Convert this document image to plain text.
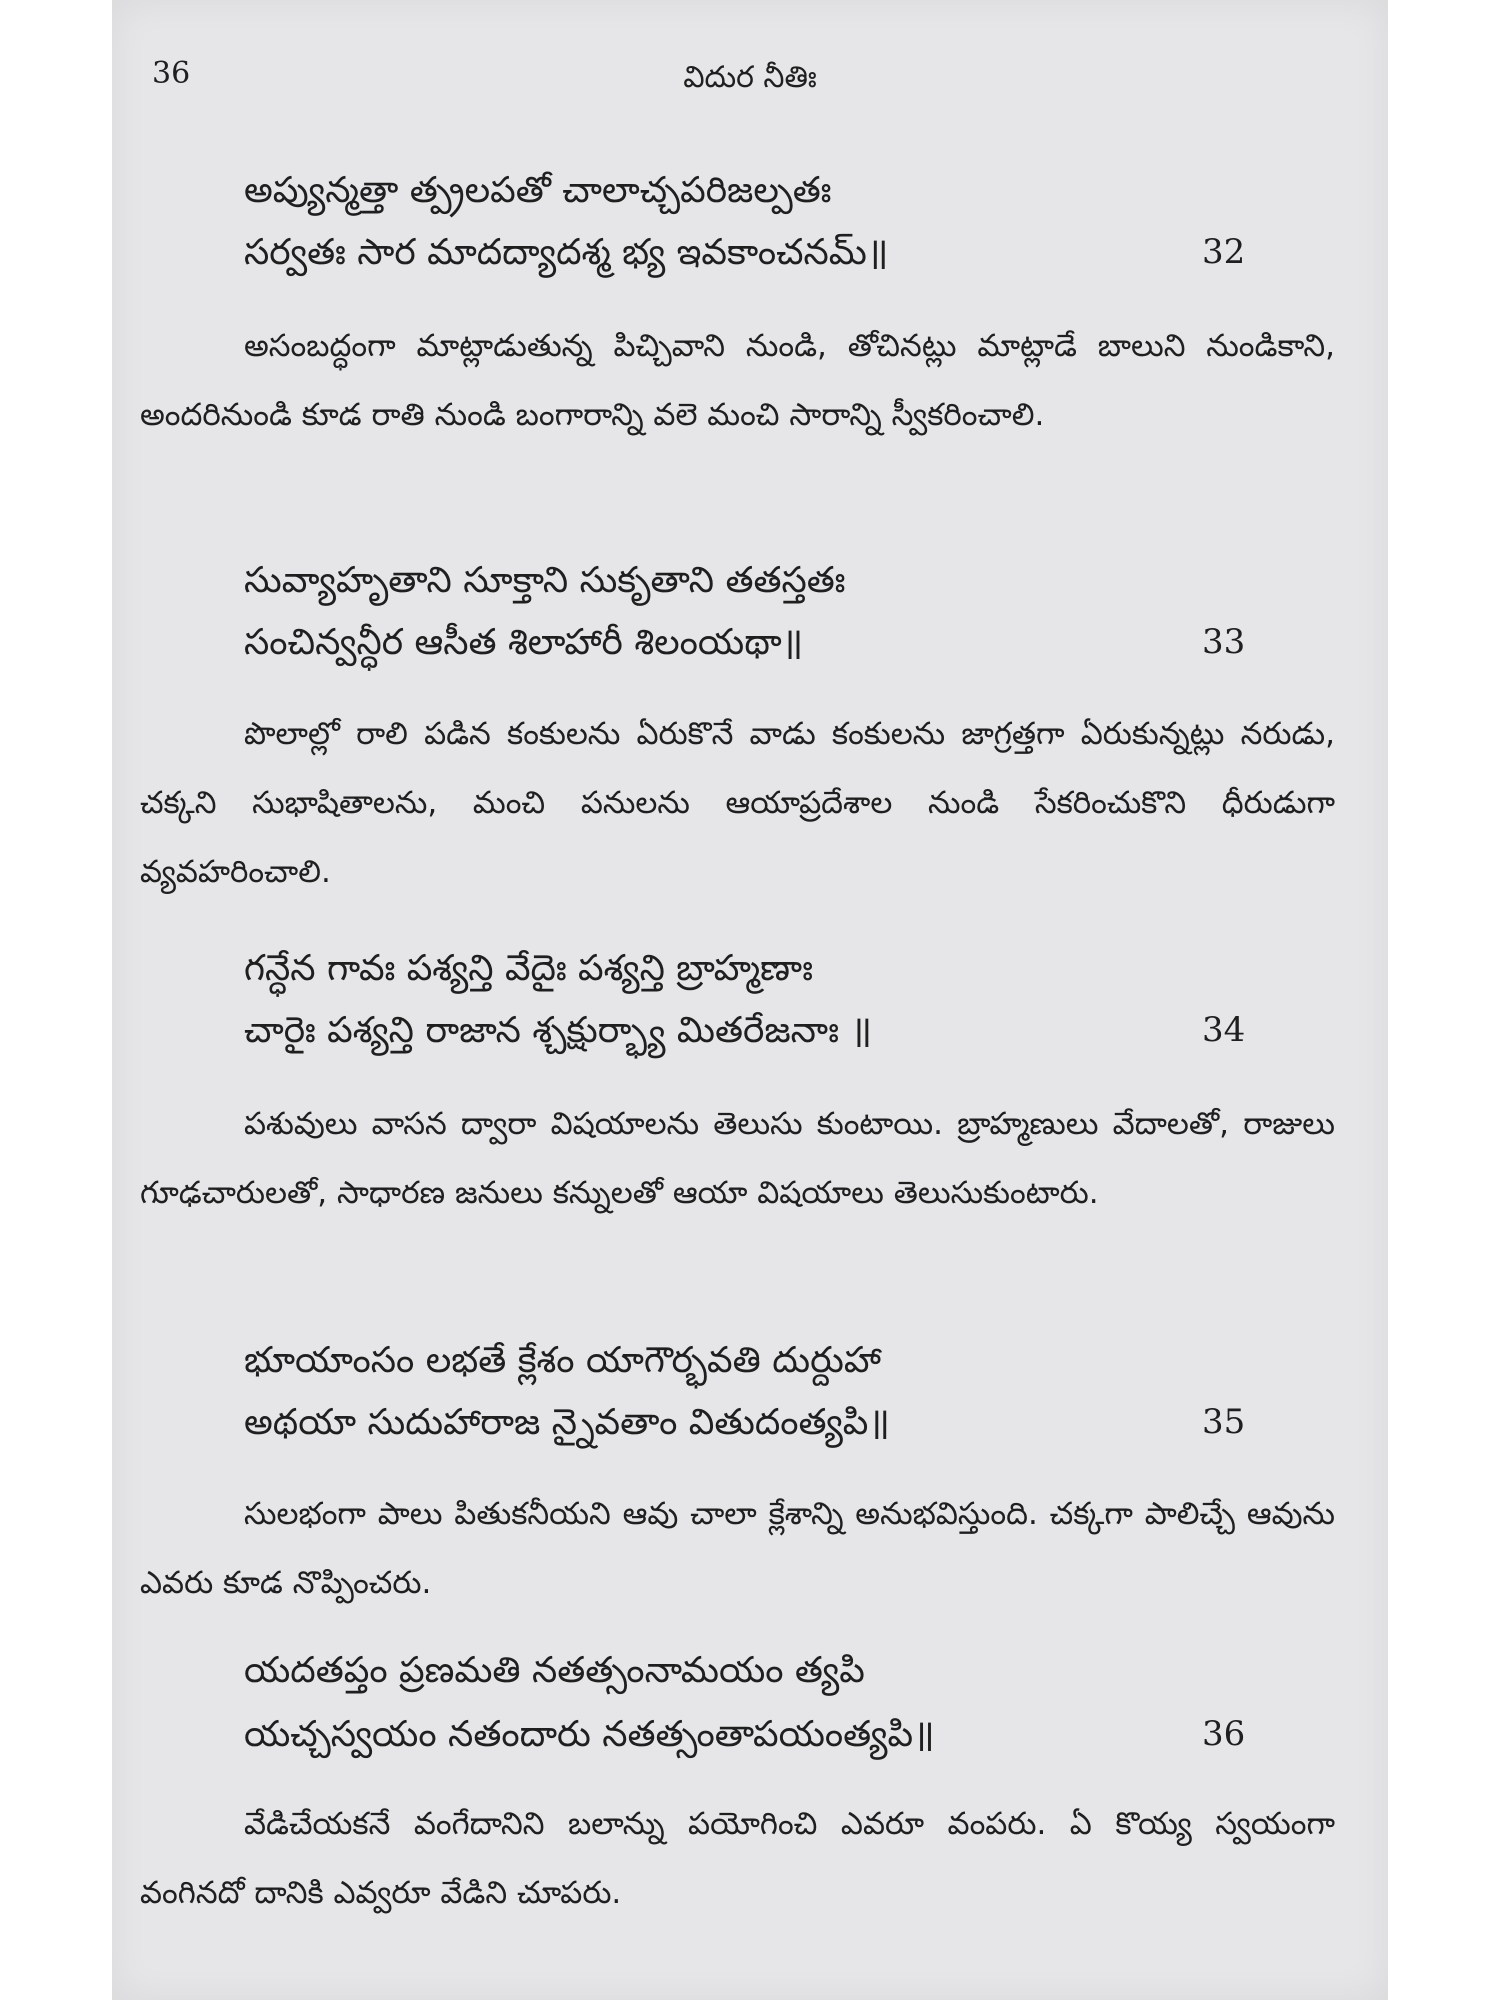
36	విదుర నీతిః
అప్యున్మత్తా త్ప్రలపతో చాలాచ్చపరిజల్పతః
సర్వతః సార మాదద్యాదశ్మ భ్య ఇవకాంచనమ్॥	32

అసంబద్ధంగా మాట్లాడుతున్న పిచ్చివాని నుండి, తోచినట్లు మాట్లాడే బాలుని నుండికాని, అందరినుండి కూడ రాతి నుండి బంగారాన్ని వలె మంచి సారాన్ని స్వీకరించాలి.

సువ్యాహృతాని సూక్తాని సుకృతాని తతస్తతః
సంచిన్వన్ధీర ఆసీత శిలాహారీ శిలంయథా॥	33

పొలాల్లో రాలి పడిన కంకులను ఏరుకొనే వాడు కంకులను జాగ్రత్తగా ఏరుకున్నట్లు నరుడు, చక్కని సుభాషితాలను, మంచి పనులను ఆయాప్రదేశాల నుండి సేకరించుకొని ధీరుడుగా వ్యవహరించాలి.

గన్ధేన గావః పశ్యన్తి వేదైః పశ్యన్తి బ్రాహ్మణాః
చారైః పశ్యన్తి రాజాన శ్చక్షుర్భ్యా మితరేజనాః ॥	34

పశువులు వాసన ద్వారా విషయాలను తెలుసు కుంటాయి. బ్రాహ్మణులు వేదాలతో, రాజులు గూఢచారులతో, సాధారణ జనులు కన్నులతో ఆయా విషయాలు తెలుసుకుంటారు.

భూయాంసం లభతే క్లేశం యాగౌర్భవతి దుర్దుహా
అథయా సుదుహారాజ న్నైవతాం వితుదంత్యపి॥	35

సులభంగా పాలు పితుకనీయని ఆవు చాలా క్లేశాన్ని అనుభవిస్తుంది. చక్కగా పాలిచ్చే ఆవును ఎవరు కూడ నొప్పించరు.

యదతప్తం ప్రణమతి నతత్సంనామయం త్యపి
యచ్చస్వయం నతందారు నతత్సంతాపయంత్యపి॥	36

వేడిచేయకనే వంగేదానిని బలాన్ను పయోగించి ఎవరూ వంపరు. ఏ కొయ్య స్వయంగా వంగినదో దానికి ఎవ్వరూ వేడిని చూపరు.
